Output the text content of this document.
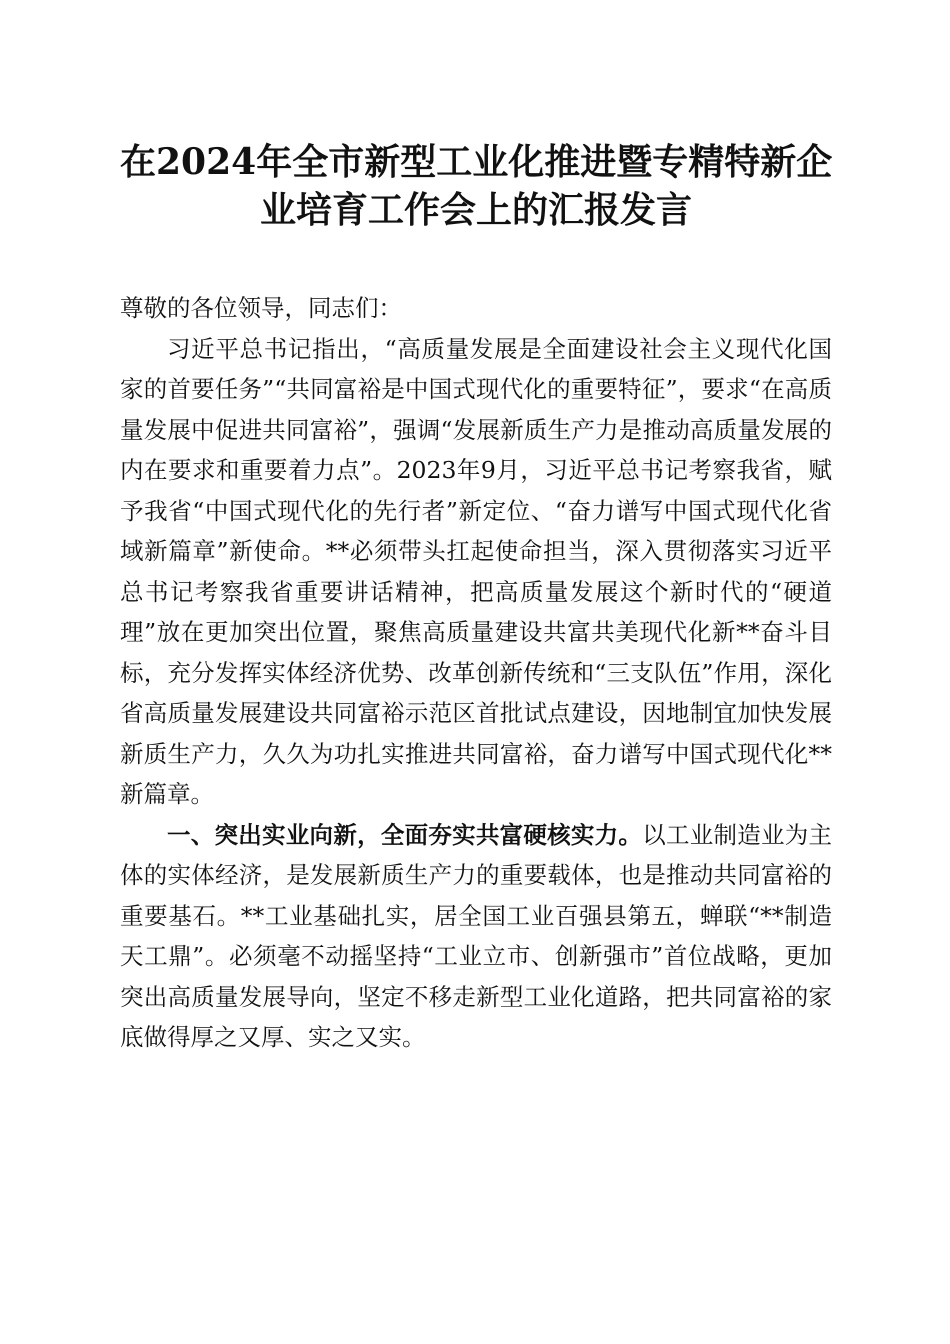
在2024年全市新型工业化推进暨专精特新企
业培育工作会上的汇报发言

尊敬的各位领导，同志们：

习近平总书记指出，“高质量发展是全面建设社会主义现代化国家的首要任务”“共同富裕是中国式现代化的重要特征”，要求“在高质量发展中促进共同富裕”，强调“发展新质生产力是推动高质量发展的内在要求和重要着力点”。2023年9月，习近平总书记考察我省，赋予我省“中国式现代化的先行者”新定位、“奋力谱写中国式现代化省域新篇章”新使命。**必须带头扛起使命担当，深入贯彻落实习近平总书记考察我省重要讲话精神，把高质量发展这个新时代的“硬道理”放在更加突出位置，聚焦高质量建设共富共美现代化新**奋斗目标，充分发挥实体经济优势、改革创新传统和“三支队伍”作用，深化省高质量发展建设共同富裕示范区首批试点建设，因地制宜加快发展新质生产力，久久为功扎实推进共同富裕，奋力谱写中国式现代化**新篇章。

一、突出实业向新，全面夯实共富硬核实力。以工业制造业为主体的实体经济，是发展新质生产力的重要载体，也是推动共同富裕的重要基石。**工业基础扎实，居全国工业百强县第五，蝉联“**制造天工鼎”。必须毫不动摇坚持“工业立市、创新强市”首位战略，更加突出高质量发展导向，坚定不移走新型工业化道路，把共同富裕的家底做得厚之又厚、实之又实。
